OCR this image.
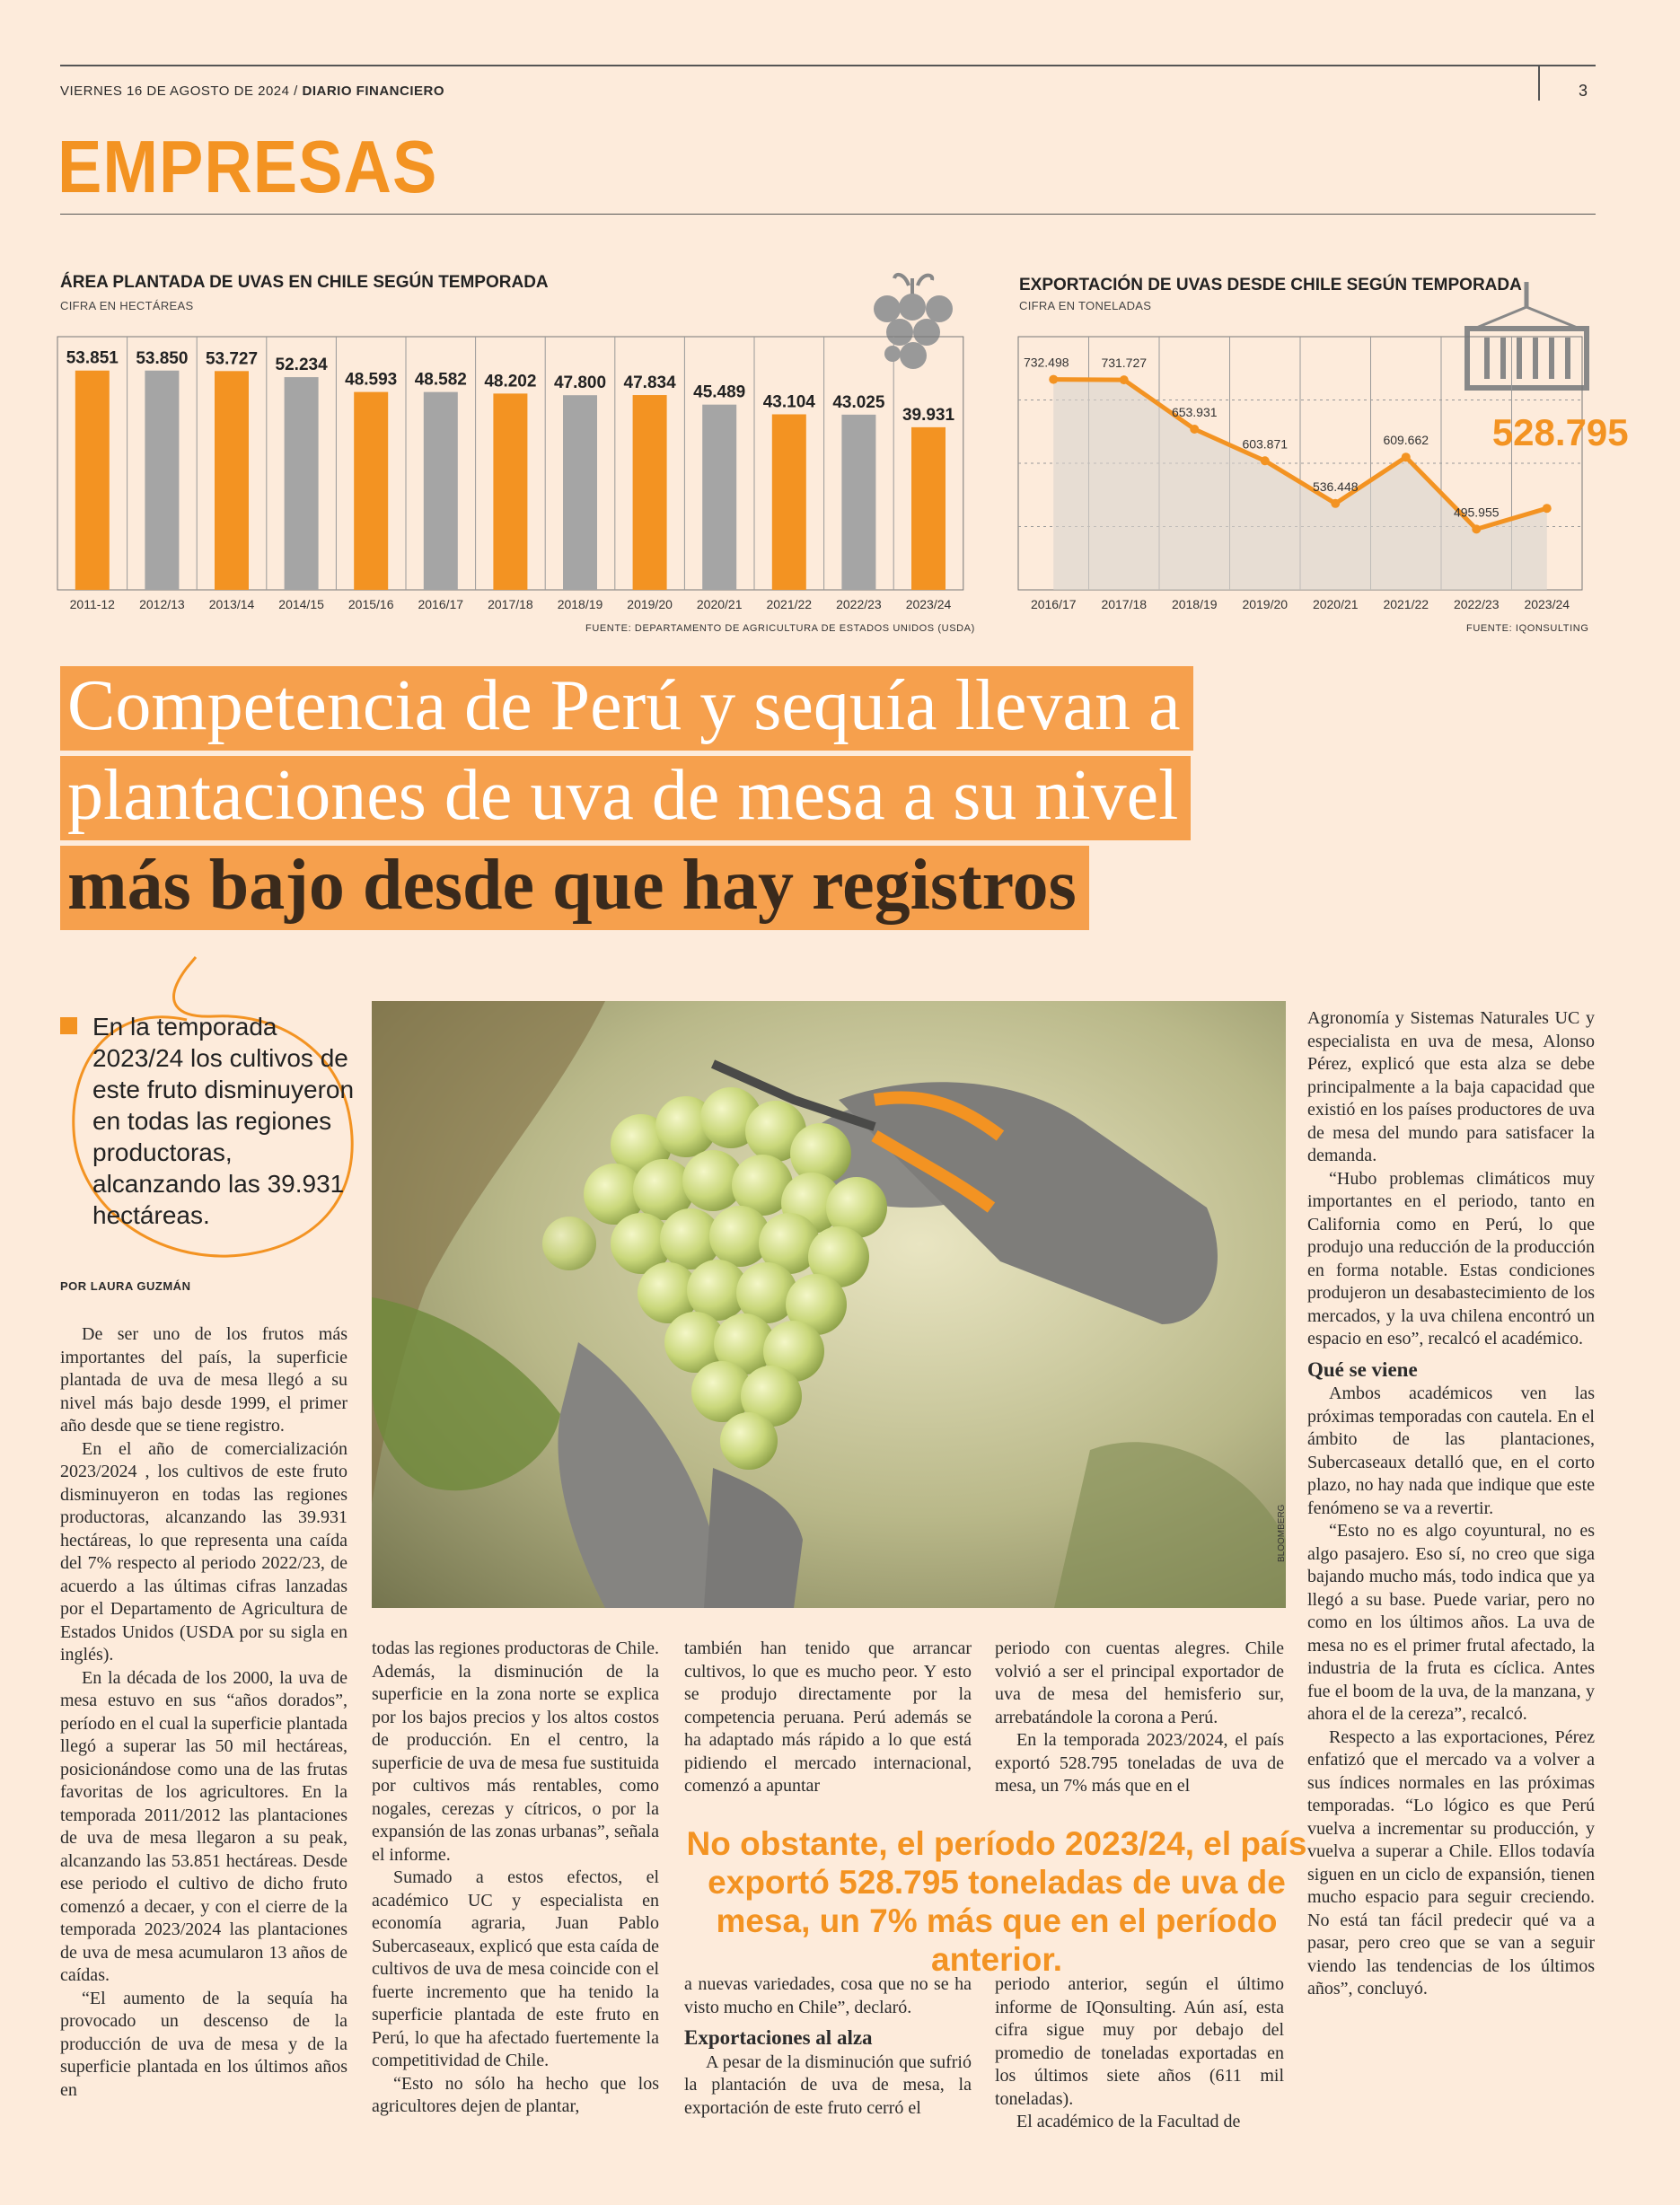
VIERNES 16 DE AGOSTO DE 2024 / DIARIO FINANCIERO	3
EMPRESAS
ÁREA PLANTADA DE UVAS EN CHILE SEGÚN TEMPORADA
CIFRA EN HECTÁREAS
53.851
2011-12
53.850
2012/13
53.727
2013/14
52.234
2014/15
48.593
2015/16
48.582
2016/17
48.202
2017/18
47.800
2018/19
47.834
2019/20
45.489
2020/21
43.104
2021/22
43.025
2022/23
39.931
2023/24
FUENTE: DEPARTAMENTO DE AGRICULTURA DE ESTADOS UNIDOS (USDA)
EXPORTACIÓN DE UVAS DESDE CHILE SEGÚN TEMPORADA
CIFRA EN TONELADAS
732.498
2016/17
731.727
2017/18
653.931
2018/19
603.871
2019/20
536.448
2020/21
609.662
2021/22
495.955
2022/23 2023/24
528.795
FUENTE: IQONSULTING
Competencia de Perú y sequía llevan a
plantaciones de uva de mesa a su nivel
más bajo desde que hay registros
En la temporada 2023/24 los cultivos de este fruto disminuyeron en todas las regiones productoras, alcanzando las 39.931 hectáreas.
POR LAURA GUZMÁN
BLOOMBERG

De ser uno de los frutos más importantes del país, la superficie plantada de uva de mesa llegó a su nivel más bajo desde 1999, el primer año desde que se tiene registro.

En el año de comercialización 2023/2024 , los cultivos de este fruto disminuyeron en todas las regiones productoras, alcanzando las 39.931 hectáreas, lo que representa una caída del 7% respecto al periodo 2022/23, de acuerdo a las últimas cifras lanzadas por el Departamento de Agricultura de Estados Unidos (USDA por su sigla en inglés).

En la década de los 2000, la uva de mesa estuvo en sus “años dorados”, período en el cual la superficie plantada llegó a superar las 50 mil hectáreas, posicionándose como una de las frutas favoritas de los agricultores. En la temporada 2011/2012 las plantaciones de uva de mesa llegaron a su peak, alcanzando las 53.851 hectáreas. Desde ese periodo el cultivo de dicho fruto comenzó a decaer, y con el cierre de la temporada 2023/2024 las plantaciones de uva de mesa acumularon 13 años de caídas.

“El aumento de la sequía ha provocado un descenso de la producción de uva de mesa y de la superficie plantada en los últimos años en

todas las regiones productoras de Chile. Además, la disminución de la superficie en la zona norte se explica por los bajos precios y los altos costos de producción. En el centro, la superficie de uva de mesa fue sustituida por cultivos más rentables, como nogales, cerezas y cítricos, o por la expansión de las zonas urbanas”, señala el informe.

Sumado a estos efectos, el académico UC y especialista en economía agraria, Juan Pablo Subercaseaux, explicó que esta caída de cultivos de uva de mesa coincide con el fuerte incremento que ha tenido la superficie plantada de este fruto en Perú, lo que ha afectado fuertemente la competitividad de Chile.

“Esto no sólo ha hecho que los agricultores dejen de plantar,

también han tenido que arrancar cultivos, lo que es mucho peor. Y esto se produjo directamente por la competencia peruana. Perú además se ha adaptado más rápido a lo que está pidiendo el mercado internacional, comenzó a apuntar

a nuevas variedades, cosa que no se ha visto mucho en Chile”, declaró.

Exportaciones al alza

A pesar de la disminución que sufrió la plantación de uva de mesa, la exportación de este fruto cerró el

periodo con cuentas alegres. Chile volvió a ser el principal exportador de uva de mesa del hemisferio sur, arrebatándole la corona a Perú.

En la temporada 2023/2024, el país exportó 528.795 toneladas de uva de mesa, un 7% más que en el

periodo anterior, según el último informe de IQonsulting. Aún así, esta cifra sigue muy por debajo del promedio de toneladas exportadas en los últimos siete años (611 mil toneladas).

El académico de la Facultad de

No obstante, el período 2023/24, el país exportó 528.795 toneladas de uva de mesa, un 7% más que en el período anterior.

Agronomía y Sistemas Naturales UC y especialista en uva de mesa, Alonso Pérez, explicó que esta alza se debe principalmente a la baja capacidad que existió en los países productores de uva de mesa del mundo para satisfacer la demanda.

“Hubo problemas climáticos muy importantes en el periodo, tanto en California como en Perú, lo que produjo una reducción de la producción en forma notable. Estas condiciones produjeron un desabastecimiento de los mercados, y la uva chilena encontró un espacio en eso”, recalcó el académico.

Qué se viene

Ambos académicos ven las próximas temporadas con cautela. En el ámbito de las plantaciones, Subercaseaux detalló que, en el corto plazo, no hay nada que indique que este fenómeno se va a revertir.

“Esto no es algo coyuntural, no es algo pasajero. Eso sí, no creo que siga bajando mucho más, todo indica que ya llegó a su base. Puede variar, pero no como en los últimos años. La uva de mesa no es el primer frutal afectado, la industria de la fruta es cíclica. Antes fue el boom de la uva, de la manzana, y ahora el de la cereza”, recalcó.

Respecto a las exportaciones, Pérez enfatizó que el mercado va a volver a sus índices normales en las próximas temporadas. “Lo lógico es que Perú vuelva a incrementar su producción, y vuelva a superar a Chile. Ellos todavía siguen en un ciclo de expansión, tienen mucho espacio para seguir creciendo. No está tan fácil predecir qué va a pasar, pero creo que se van a seguir viendo las tendencias de los últimos años”, concluyó.
